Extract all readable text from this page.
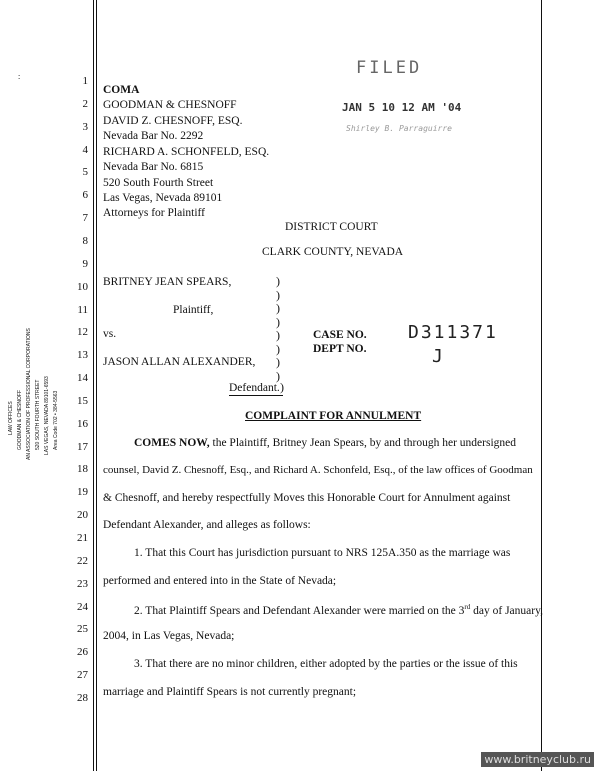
:	1
2
3
4
5
6
7
8
9
10
11
12
13
14
15
16
17
18
19
20
21
22
23
24
25
26
27
28
LAW OFFICES GOODMAN & CHESNOFF AN ASSOCIATION OF PROFESSIONAL CORPORATIONS 520 SOUTH FOURTH STREET LAS VEGAS, NEVADA 89101-6593 Area Code 702 • 384-5563
COMA
GOODMAN & CHESNOFF
DAVID Z. CHESNOFF, ESQ.
Nevada Bar No. 2292
RICHARD A. SCHONFELD, ESQ.
Nevada Bar No. 6815
520 South Fourth Street
Las Vegas, Nevada 89101
Attorneys for Plaintiff
FILED
JAN 5 10 12 AM '04
Shirley B. Parraguirre
DISTRICT COURT
CLARK COUNTY, NEVADA
BRITNEY JEAN SPEARS,
Plaintiff,
vs.
JASON ALLAN ALEXANDER,
Defendant.
)
)
)
)
)
)
)
)
)
CASE NO.
DEPT NO.
D311371
J
COMPLAINT FOR ANNULMENT
COMES NOW, the Plaintiff, Britney Jean Spears, by and through her undersigned
counsel, David Z. Chesnoff, Esq., and Richard A. Schonfeld, Esq., of the law offices of Goodman
& Chesnoff, and hereby respectfully Moves this Honorable Court for Annulment against
Defendant Alexander, and alleges as follows:
1. That this Court has jurisdiction pursuant to NRS 125A.350 as the marriage was
performed and entered into in the State of Nevada;
2. That Plaintiff Spears and Defendant Alexander were married on the 3rd day of January,
2004, in Las Vegas, Nevada;
3. That there are no minor children, either adopted by the parties or the issue of this
marriage and Plaintiff Spears is not currently pregnant;
www.britneyclub.ru
